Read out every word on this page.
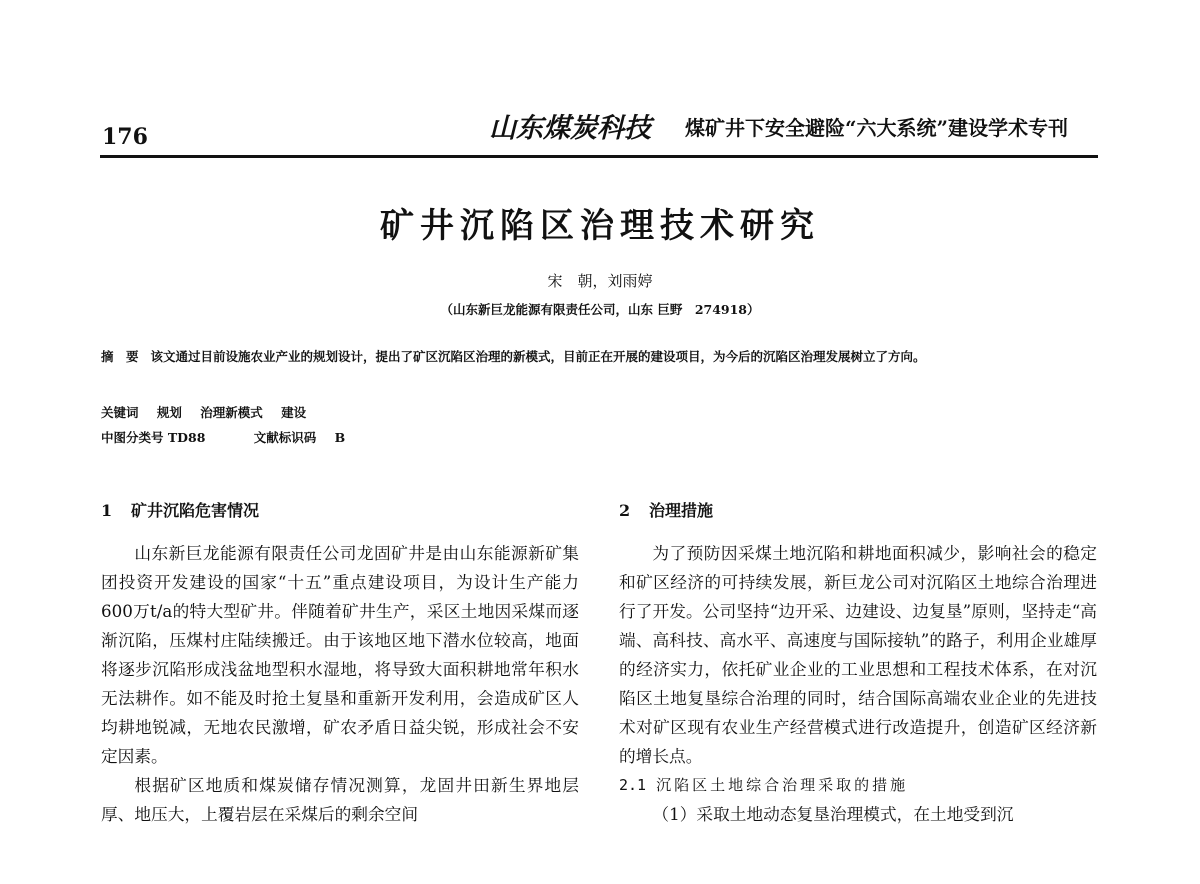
176	山东煤炭科技 煤矿井下安全避险“六大系统”建设学术专刊
矿井沉陷区治理技术研究
宋　朝，刘雨婷
（山东新巨龙能源有限责任公司，山东 巨野　274918）
摘　要 该文通过目前设施农业产业的规划设计，提出了矿区沉陷区治理的新模式，目前正在开展的建设项目，为今后的沉陷区治理发展树立了方向。
关键词 规划 治理新模式 建设
中图分类号 TD88	文献标识码 B
1 矿井沉陷危害情况

山东新巨龙能源有限责任公司龙固矿井是由山东能源新矿集团投资开发建设的国家“十五”重点建设项目，为设计生产能力600万t/a的特大型矿井。伴随着矿井生产，采区土地因采煤而逐渐沉陷，压煤村庄陆续搬迁。由于该地区地下潜水位较高，地面将逐步沉陷形成浅盆地型积水湿地，将导致大面积耕地常年积水无法耕作。如不能及时抢土复垦和重新开发利用，会造成矿区人均耕地锐减，无地农民激增，矿农矛盾日益尖锐，形成社会不安定因素。

根据矿区地质和煤炭储存情况测算，龙固井田新生界地层厚、地压大，上覆岩层在采煤后的剩余空间

2 治理措施

为了预防因采煤土地沉陷和耕地面积减少，影响社会的稳定和矿区经济的可持续发展，新巨龙公司对沉陷区土地综合治理进行了开发。公司坚持“边开采、边建设、边复垦”原则，坚持走“高端、高科技、高水平、高速度与国际接轨”的路子，利用企业雄厚的经济实力，依托矿业企业的工业思想和工程技术体系，在对沉陷区土地复垦综合治理的同时，结合国际高端农业企业的先进技术对矿区现有农业生产经营模式进行改造提升，创造矿区经济新的增长点。

2.1 沉陷区土地综合治理采取的措施

（1）采取土地动态复垦治理模式，在土地受到沉
